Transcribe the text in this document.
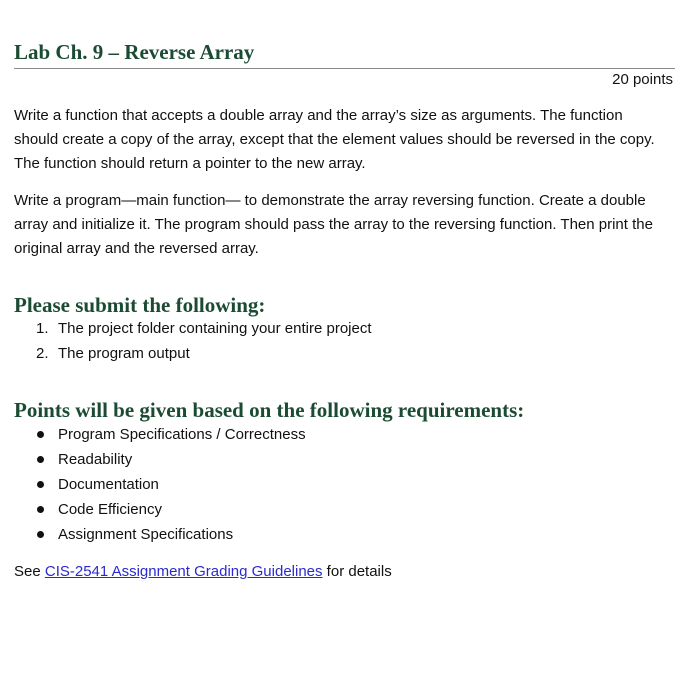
Lab Ch. 9 – Reverse Array
20 points

Write a function that accepts a double array and the array’s size as arguments. The function should create a copy of the array, except that the element values should be reversed in the copy. The function should return a pointer to the new array.

Write a program—main function— to demonstrate the array reversing function. Create a double array and initialize it. The program should pass the array to the reversing function. Then print the original array and the reversed array.

Please submit the following:
1. The project folder containing your entire project
2. The program output
Points will be given based on the following requirements:
Program Specifications / Correctness
Readability
Documentation
Code Efficiency
Assignment Specifications
See CIS-2541 Assignment Grading Guidelines for details
